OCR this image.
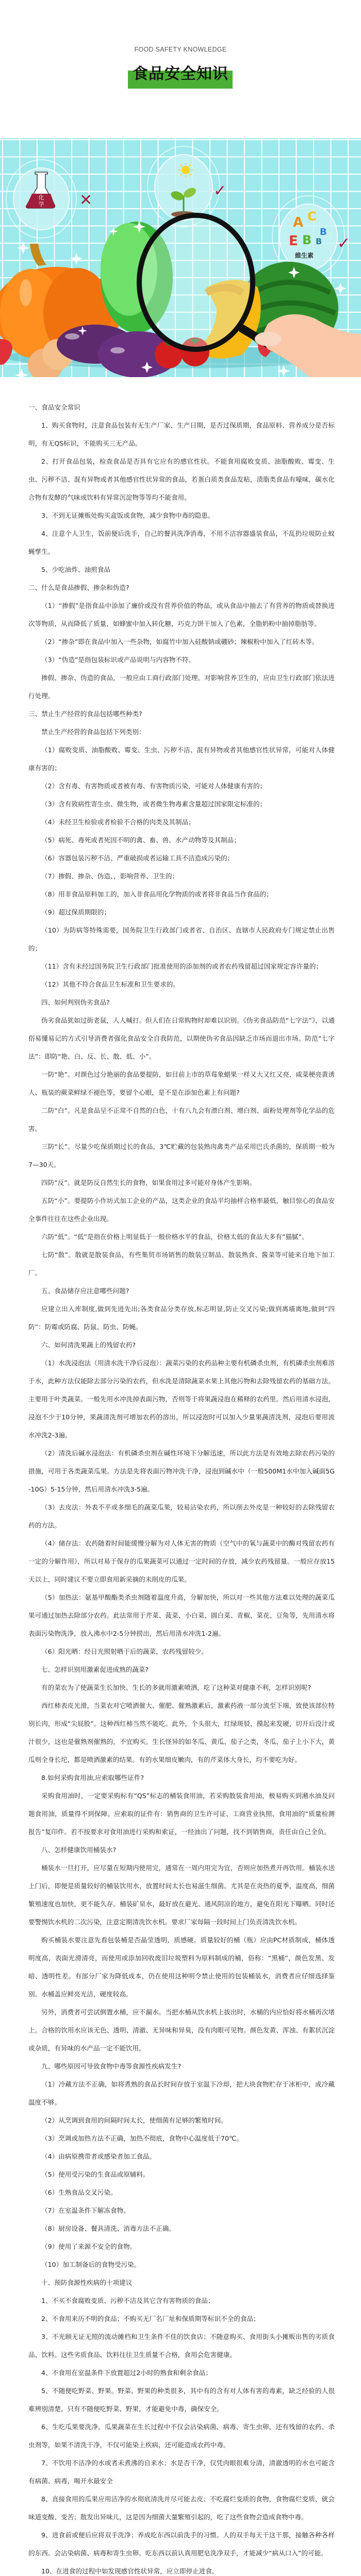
FOOD SAFETY KNOWLEDGE
食品安全知识
化
学 ✕
✓
A C
B
E B B
維生素
✓

一、食品安全常识

1、购买食物时，注意食品包装有无生产厂家、生产日期，是否过保质期，食品原料、营养成分是否标明，有无QS标识，不能购买三无产品。

2、打开食品包装，检查食品是否具有它应有的感官性状。不能食用腐败变质、油脂酸败、霉变、生虫、污秽不洁、混有异物或者其他感官性状异常的食品，若蛋白质类食品发粘，渍脂类食品有嚎味，碳水化合物有发酵的气味或饮料有异常沉淀物等等均不能食用。

3、不到无证摊贩处购买盒饭或食物，减少食物中毒的隐患。

4、注意个人卫生，饭前便后洗手，自己的餐具洗净消毒，不用不洁容器盛装食品，不乱扔垃圾防止蚊蝇孳生。

5、少吃油炸、油煎食品

二、什么是食品掺假、掺杂和伪造?

（1）“掺假”是指食品中添加了廉价或没有营养价值的物品，或从食品中抽去了有营养的物质或替换进次等物质，从而降低了质量，如蜂蜜中加入转化糖，巧克力饼干加入了色素，全脂奶粉中抽掉脂肪等。

（2）“掺杂”即在食品中加入一些杂物，如腐竹中加入硅酸钠或硼砂；辣椒粉中加入了红砖木等。

（3）“伪造”是指包装标识或产品说明与内容物不符。

掺假、掺杂、伪造的食品，一般应由工商行政部门处理。对影响营养卫生的，应由卫生行政部门依法进行处理。

三、禁止生产经营的食品包括哪些种类?

禁止生产经营的食品包括下列类别：

（1）腐败变质、油脂酸败、霉变、生虫、污秽不洁、混有异物或者其他感官性状异常，可能对人体健康有害的；

（2）含有毒、有害物质或者被有毒、有害物质污染，可能对人体健康有害的；

（3）含有致病性寄生虫、微生物，或者微生物毒素含量超过国家限定标准的；

（4）未经卫生检验或者检验不合格的肉类及其制品；

（5）病死、毒死或者死因不明的禽、畜、兽、水产动物等及其制品；

（6）容器包装污秽不洁、严重破损或者运输工具不洁造成污染的；

（7）掺假、掺杂、伪造、，影响营养、卫生的；

（8）用非食品原料加工的，加入非食品用化学物质的或者将非食品当作食品的；

（9）超过保质期限的；

（10）为防病等特殊需要，国务院卫生行政部门或者省、自治区、直辖市人民政府专门规定禁止出售的；

（11）含有未经过国务院卫生行政部门批准使用的添加剂的或者农药残留超过国家规定容许量的；

（12）其他不符合食品卫生标准和卫生要求的。

四、如何判别伪劣食品?

伪劣食品犹如过街老鼠，人人喊打。但人们在日常购物时却难以识别。《伪劣食品防范“七字法”》，以通俗易懂易记的方式引导消费者强化食品安全自我防范，以期使伪劣食品因缺乏市场而退出市场。防范“七字法”：即防“艳、白、反、长、散、低、小”。

一防“艳”。对颜色过分艳丽的食品要提防，如目前上市的草莓象蜡果一样又大又红又亮、咸菜梗亮黄诱人、瓶装的蕨菜鲜绿不褪色等，要留个心眼，是不是在添加色素上有问题?

二防“白”。凡是食品呈不正常不自然的白色，十有八九会有漂白剂、增白剂、面粉处理剂等化学品的危害。

三防“长”。尽量少吃保质期过长的食品，3℃贮藏的包装熟肉禽类产品采用巴氏杀菌的，保质期一般为7—30天。

四防“反”。就是防反自然生长的食物，如果食用过多可能对身体产生影响。

五防“小”。要提防小作坊式加工企业的产品，这类企业的食品平均抽样合格率最低，触目惊心的食品安全事件往往在这些企业出现。

六防“低”。“低”是指在价格上明显低于一般价格水平的食品，价格太低的食品大多有“猫腻”。

七防“散”。散就是散装食品，有些集贸市场销售的散装豆制品、散装熟食、酱菜等可能来自地下加工厂。

五、食品储存应注意哪些问题?

应建立出入库制度,做到先进先出;各类食品分类存放,标志明显,防止交叉污染;做到离墙离地,做到“四防”：防霉或防腐、防鼠、防虫、防蝇。

六、如何清洗果蔬上的残留农药?

（1）水洗浸泡法（用清水洗干净后浸泡）：蔬菜污染的农药品种主要有机磷杀虫剂，有机磷杀虫剂难溶于水，此种方法仅能除去部分污染的农药，但水洗是清除蔬菜水果上其他污物和去除残留农药的基础方法。主要用于叶类蔬菜。一般先用水冲洗掉表面污物，否则等于将果蔬浸泡在稀释的农药里。然后用清水浸泡，浸泡不少于10分钟，果蔬清洗剂可增加农药的溶出，所以浸泡时可以加入少量果蔬清洗剂，浸泡后要用流水冲洗2-3遍。

（2）清洗后碱水浸泡法：有机磷杀虫剂在碱性环境下分解迅速，所以此方法是有效地去除农药污染的措施，可用于各类蔬菜瓜果。方法是先将表面污物冲洗干净，浸泡到碱水中（一般500M1水中加入碱面5G-10G）5-15分钟，然后用清水冲洗3-5遍。

（3）去皮法：外表不平或多细毛的蔬菜瓜果，较易沾染农药，所以削去外皮是一种较好的去除残留农药的方法。

（4）储存法：农药随着时间能缓慢分解为对人体无害的物质（空气中的氧与蔬菜中的酶对残留农药有一定的分解作用），所以对易于保存的瓜果蔬菜可以通过一定时间的存放，减少农药残留量。一般应存放15天以上，同时建议不要立即食用新采摘的未削皮的瓜果。

（5）加热法：氨基甲酸酯类杀虫剂随着温度升高，分解加快，所以对一些其他方法难以处理的蔬菜瓜果可通过加热去除部分农药。此法常用于芹菜、菠菜、小白菜、圆白菜、青椒、菜花、豆角等，先用清水将表面污染物洗净，放入沸水中2-5分钟捞出，然后用清水冲洗1-2遍。

（6）阳光晒：经日光照射晒干后的蔬菜，农药残留较少。

七、怎样识别用激素促进成熟的蔬菜?

有的菜农为了使蔬菜生长加快、生长的多就用激素喷洒，吃了这种菜对健康不利，怎样识别呢?

西红柿表皮光滑，当菜农对它喷洒催大、催肥、催熟激素后，激素药液一部分流至下端，致使该部位特别长肉，形成“尖屁股”。这种西红柿当然不能吃。此外，个头很大，红绿斑驳，摸起来发硬，切开后没汁或汁很少，这也是催熟剂催熟的，不宜购买。生长怪异的如冬瓜、黄瓜、茄子之类，冬瓜、茄子上小下大，黄瓜则全身长坨，都是喷洒激素的结果。有的水果细皮嫩肉，有的芹菜体大身长，均不要吃为好。

8.如何采购食用油,应索取哪些证件?

采购食用油时，一定要采购标有“QS”标志的桶装食用油，若采购散装食用油，极易购买到潲水油及问题食用油，质量得不到保障。应索取的证件有：销售商的卫生许可证、工商营业执照、食用油的“质量检测报告”复印件。若不按要求对食用油进行采购和索证，一经油出了问题，找不到销售商，责任由自己全负。

八、怎样健康饮用桶装水?

桶装水一旦打开，应尽量在短期内使用完，通常在一周内用完为宜，否则应加热煮开再饮用。桶装水送上门后，即便是质量较好的桶装饮用水，放置时间太长也易滋生细菌。尤其是在炎热的夏季，温度高，细菌繁殖速度也加快，更不能久存。桶装矿泉水，最好放在避光、通风阴凉的地方，避免在阳光下曝晒。同时还要警惕饮水机的二次污染，注意定期清洗饮水机。要求厂家每隔一段时间上门负责清洗饮水机。

购买桶装水要注意先看包装桶是否晶莹透明，质感硬。质量较好的桶（瓶）应由PC材质制成，桶体透明度高，表面光滑清亮，而使用或添加回收废旧垃圾塑料为原料制成的桶，俗称：“黑桶”，颜色发黑、发暗、透明性差。有部分厂家为降低成本，仍在使用这种明令禁止使用的包装桶装水，消费者应仔细选择鉴别。水桶盖应鲜亮光洁，硬度较高。

另外，消费者可尝试倒置水桶，应不漏水。当把水桶从饮水机上拔出时，水桶的内应恰好将水桶再次堵上。合格的饮用水应该无色、透明、清澈、无异味和异臭，没有肉眼可见物。颜色发黄、浑浊、有絮状沉淀或杂质，有异味的水产品一定不能饮用。

九、哪些原因可导致食物中毒等食源性疾病发生?

（1）冷藏方法不正确，如将煮熟的食品长时间存放于室温下冷却，把大块食物贮存于冰柜中，或冷藏温度不够。

（2）从烹调到食用的间隔时间太长，使细菌有足够的繁殖时间。

（3）烹调或加热方法不正确，加热不彻底，食物中心温度低于70℃。

（4）由病原携带者或感染者加工食品。

（5）使用受污染的生食品或原辅料。

（6）生熟食品交叉污染。

（7）在室温条件下解冻食物。

（8）厨房设备、餐具清洗、消毒方法不正确。

（9）使用了来源不安全的食物。

（10）加工制备后的食物受污染。

十、预防食源性疾病的十项建议

1、不买不食腐败变质、污秽不洁及其它含有害物质的食品；

2、不食用来历不明的食品；不购买无厂名厂址和保质期等标识不全的食品；

3、不光顾无证无照的流动摊档和卫生条件不佳的饮食店；不随意购买、食用街头小摊贩出售的劣质食品、饮料。这些劣质食品、饮料往往卫生质量不合格，食用会危害健康。

4、不食用在室温条件下放置超过2小时的熟食和剩余食品；

5、不随便吃野菜、野果。野菜、野果的种类很多，其中有的含有对人体有害的毒素，缺乏经验的人很难辨别清楚，只有不随便吃野菜、野果，才能避免中毒，确保安全。

6、生吃瓜果要洗净。瓜果蔬菜在生长过程中不仅会沾染病菌、病毒、寄生虫卵，还有残留的农药、杀虫剂等，如果不清洗干净，不仅可能染上疾病，还可能造成农药中毒。

7、不饮用不洁净的水或者未煮沸的自来水；水是否干净，仅凭肉眼很难分清，清澈透明的水也可能含有病菌、病毒，喝开水最安全

8、直接食用的瓜果应用洁净的水彻底清洗并尽可能去皮；不吃腐烂变质的食物，食物腐烂变质，就会味道变酸、变苦；散发出异味儿，这是因为细菌大量繁殖引起的，吃了这些食物会造成食物中毒。

9、进食前或便后应将双手洗净；养成吃东西以前洗手的习惯。人的双手每天干这干那，接触各种各样的东西。会沾染病菌、病毒和寄生虫卵。吃东西以前认真用肥皂洗净双手，才能减少“病从口入”的可能。

10、在进食的过程中如发现感官性状异常，应立即停止进食。
